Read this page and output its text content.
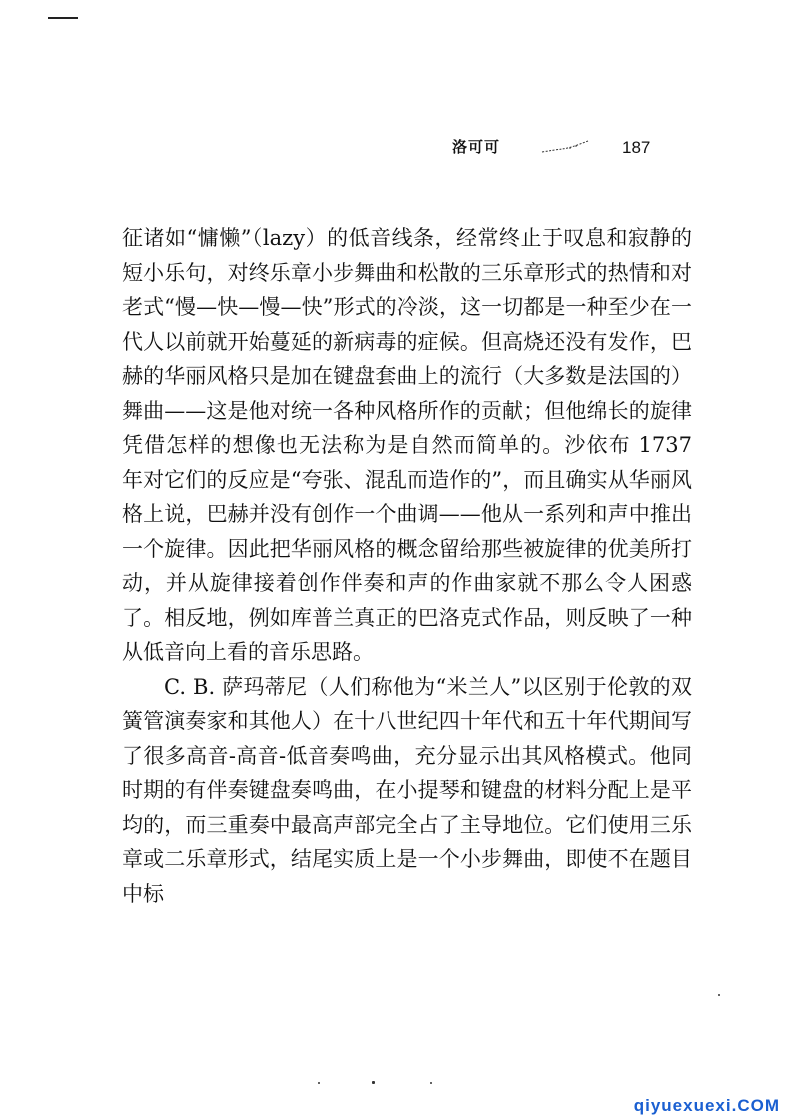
洛可可	187

征诸如“慵懒”（lazy）的低音线条，经常终止于叹息和寂静的短小乐句，对终乐章小步舞曲和松散的三乐章形式的热情和对老式“慢—快—慢—快”形式的冷淡，这一切都是一种至少在一代人以前就开始蔓延的新病毒的症候。但高烧还没有发作，巴赫的华丽风格只是加在键盘套曲上的流行（大多数是法国的）舞曲——这是他对统一各种风格所作的贡献；但他绵长的旋律凭借怎样的想像也无法称为是自然而简单的。沙依布 1737 年对它们的反应是“夸张、混乱而造作的”，而且确实从华丽风格上说，巴赫并没有创作一个曲调——他从一系列和声中推出一个旋律。因此把华丽风格的概念留给那些被旋律的优美所打动，并从旋律接着创作伴奏和声的作曲家就不那么令人困惑了。相反地，例如库普兰真正的巴洛克式作品，则反映了一种从低音向上看的音乐思路。

C. B. 萨玛蒂尼（人们称他为“米兰人”以区别于伦敦的双簧管演奏家和其他人）在十八世纪四十年代和五十年代期间写了很多高音-高音-低音奏鸣曲，充分显示出其风格模式。他同时期的有伴奏键盘奏鸣曲，在小提琴和键盘的材料分配上是平均的，而三重奏中最高声部完全占了主导地位。它们使用三乐章或二乐章形式，结尾实质上是一个小步舞曲，即使不在题目中标

qiyuexuexi.COM
